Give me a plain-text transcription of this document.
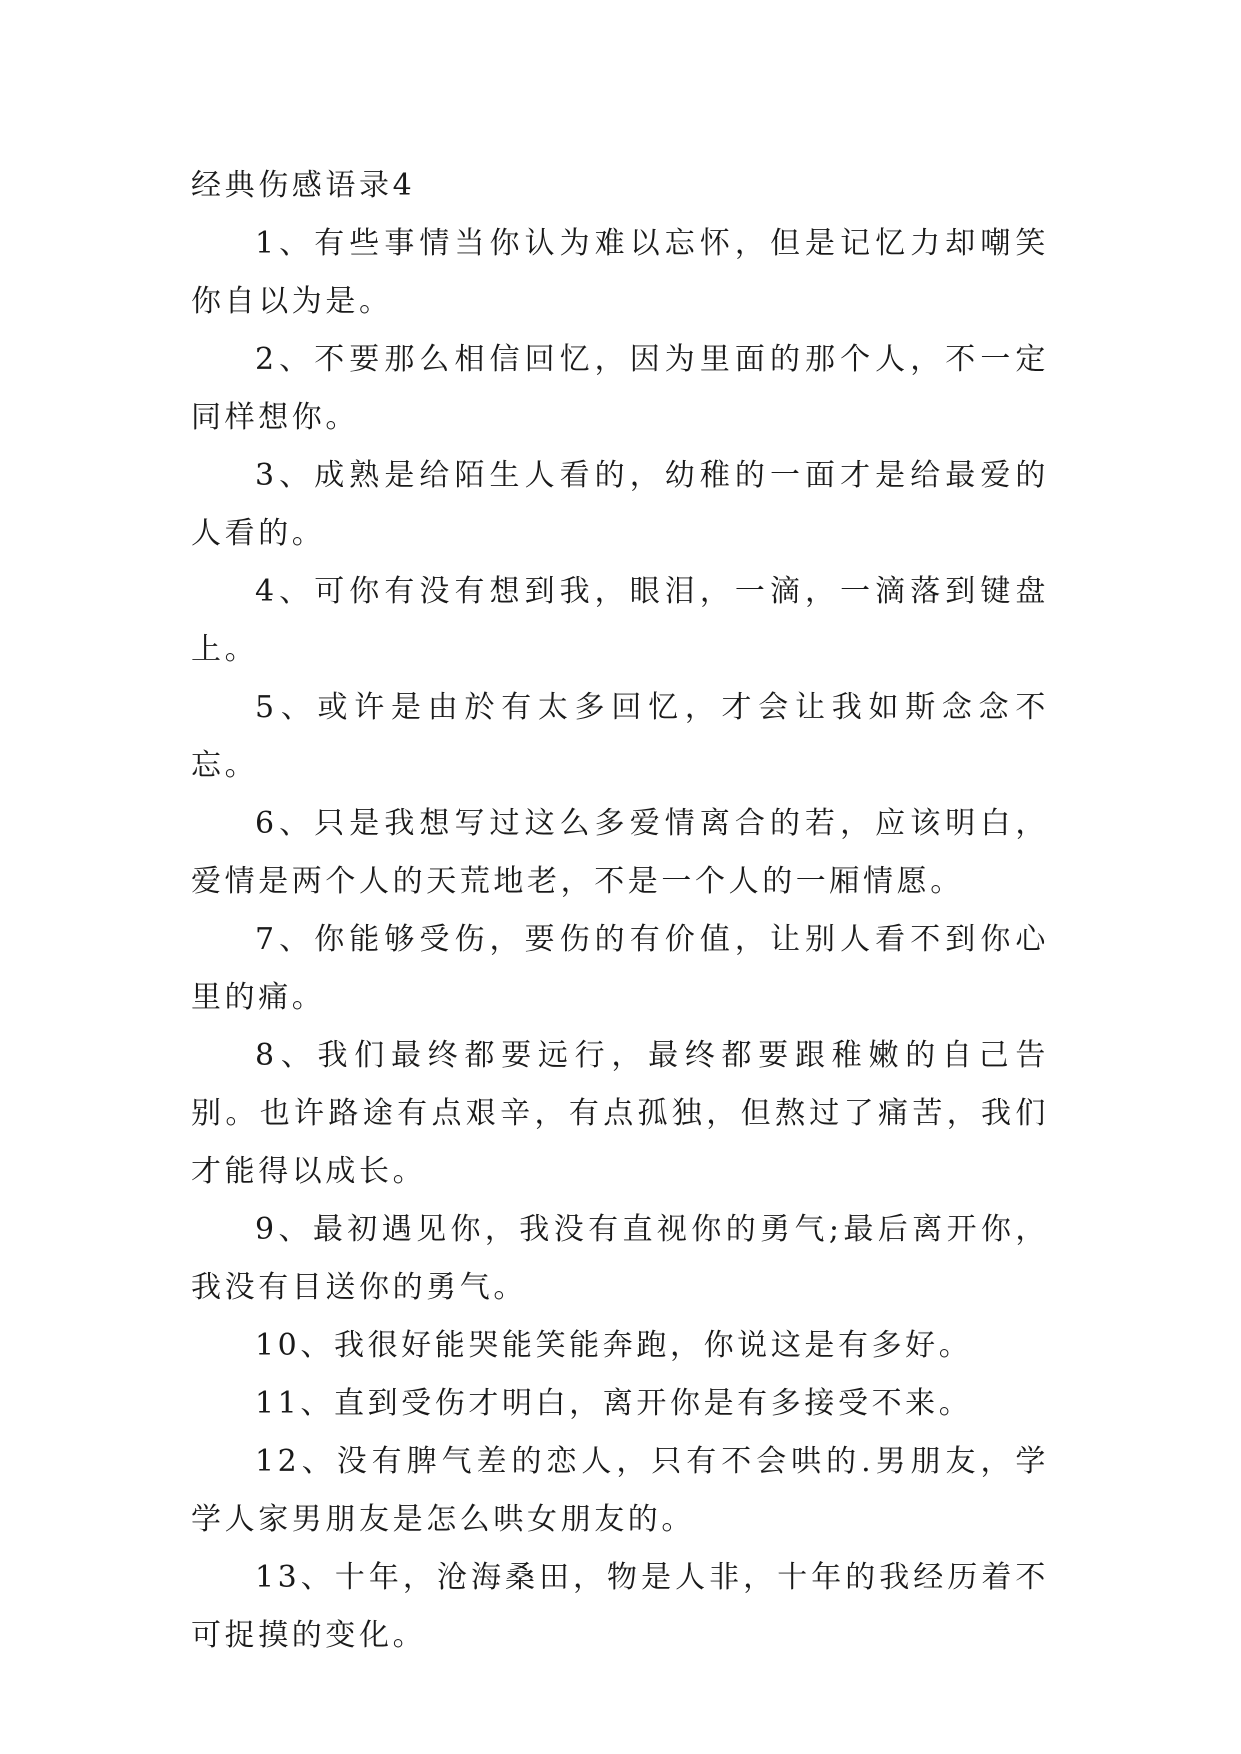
经典伤感语录4

1、有些事情当你认为难以忘怀，但是记忆力却嘲笑你自以为是。

2、不要那么相信回忆，因为里面的那个人，不一定同样想你。

3、成熟是给陌生人看的，幼稚的一面才是给最爱的人看的。

4、可你有没有想到我，眼泪，一滴，一滴落到键盘上。

5、或许是由於有太多回忆，才会让我如斯念念不忘。

6、只是我想写过这么多爱情离合的若，应该明白，爱情是两个人的天荒地老，不是一个人的一厢情愿。

7、你能够受伤，要伤的有价值，让别人看不到你心里的痛。

8、我们最终都要远行，最终都要跟稚嫩的自己告别。也许路途有点艰辛，有点孤独，但熬过了痛苦，我们才能得以成长。

9、最初遇见你，我没有直视你的勇气;最后离开你，我没有目送你的勇气。

10、我很好能哭能笑能奔跑，你说这是有多好。

11、直到受伤才明白，离开你是有多接受不来。

12、没有脾气差的恋人，只有不会哄的.男朋友，学学人家男朋友是怎么哄女朋友的。

13、十年，沧海桑田，物是人非，十年的我经历着不可捉摸的变化。
